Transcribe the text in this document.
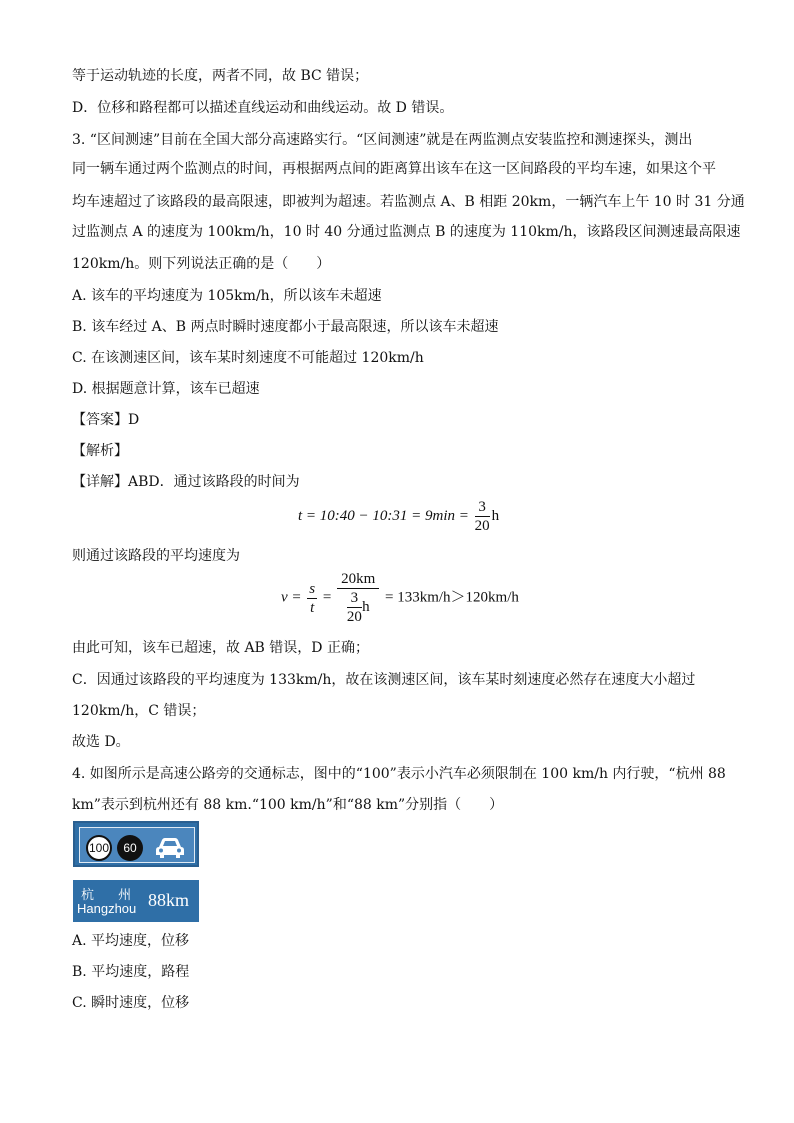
等于运动轨迹的长度，两者不同，故 BC 错误；
D．位移和路程都可以描述直线运动和曲线运动。故 D 错误。
3. “区间测速”目前在全国大部分高速路实行。“区间测速”就是在两监测点安装监控和测速探头，测出
同一辆车通过两个监测点的时间，再根据两点间的距离算出该车在这一区间路段的平均车速，如果这个平
均车速超过了该路段的最高限速，即被判为超速。若监测点 A、B 相距 20km，一辆汽车上午 10 时 31 分通
过监测点 A 的速度为 100km/h，10 时 40 分通过监测点 B 的速度为 110km/h，该路段区间测速最高限速
120km/h。则下列说法正确的是（　　）
A. 该车的平均速度为 105km/h，所以该车未超速
B. 该车经过 A、B 两点时瞬时速度都小于最高限速，所以该车未超速
C. 在该测速区间，该车某时刻速度不可能超过 120km/h
D. 根据题意计算，该车已超速
【答案】D
【解析】
【详解】ABD．通过该路段的时间为
t = 10:40 − 10:31 = $9\min = \frac{3}{20}$ h
则通过该路段的平均速度为
$v = \frac{s}{t} = \frac{20km}{\frac{3}{20} h} = 133km/h>120km/h$
由此可知，该车已超速，故 AB 错误，D 正确；
C．因通过该路段的平均速度为 133km/h，故在该测速区间，该车某时刻速度必然存在速度大小超过
120km/h，C 错误；
故选 D。
4. 如图所示是高速公路旁的交通标志，图中的“100”表示小汽车必须限制在 100 km/h 内行驶，“杭州 88
km”表示到杭州还有 88 km.“100 km/h”和“88 km”分别指（　　）
100	60
杭 州
Hangzhou 88km
A. 平均速度，位移
B. 平均速度，路程
C. 瞬时速度，位移
